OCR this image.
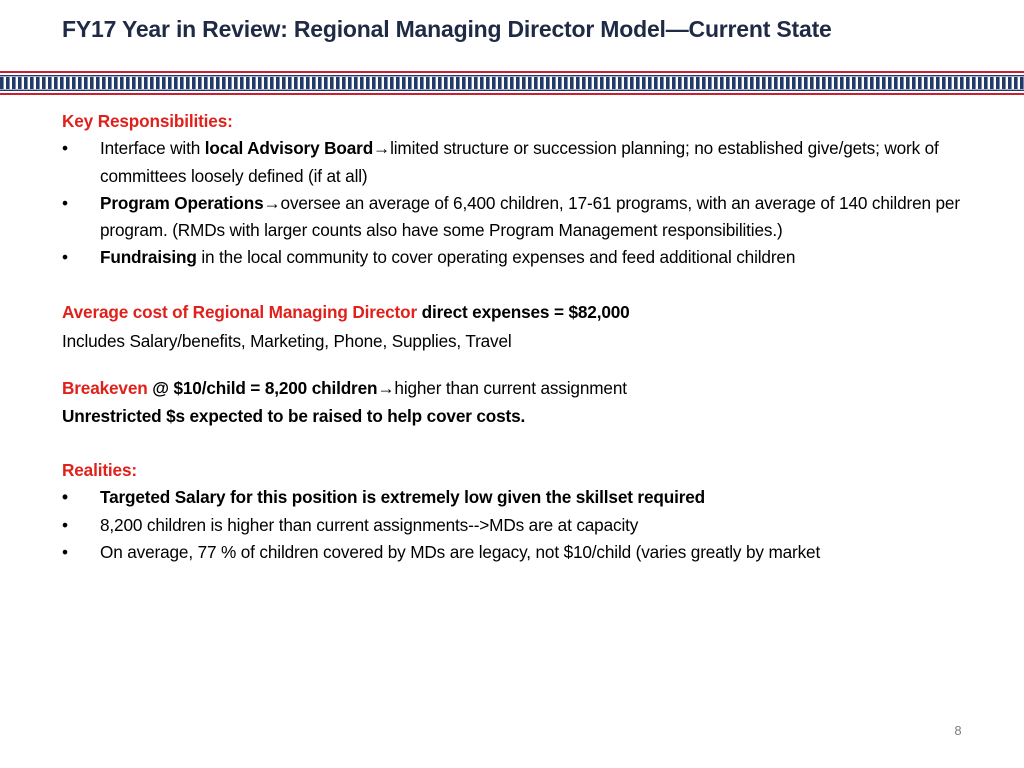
FY17 Year in Review: Regional Managing Director Model—Current State

Key Responsibilities:

• Interface with local Advisory Board→limited structure or succession planning; no established give/gets; work of committees loosely defined (if at all)
• Program Operations→oversee an average of 6,400 children, 17-61 programs, with an average of 140 children per program. (RMDs with larger counts also have some Program Management responsibilities.)
• Fundraising in the local community to cover operating expenses and feed additional children

Average cost of Regional Managing Director direct expenses = $82,000

Includes Salary/benefits, Marketing, Phone, Supplies, Travel

Breakeven @ $10/child = 8,200 children→higher than current assignment

Unrestricted $s expected to be raised to help cover costs.

Realities:

• Targeted Salary for this position is extremely low given the skillset required
• 8,200 children is higher than current assignments-->MDs are at capacity
• On average, 77 % of children covered by MDs are legacy, not $10/child (varies greatly by market
8
